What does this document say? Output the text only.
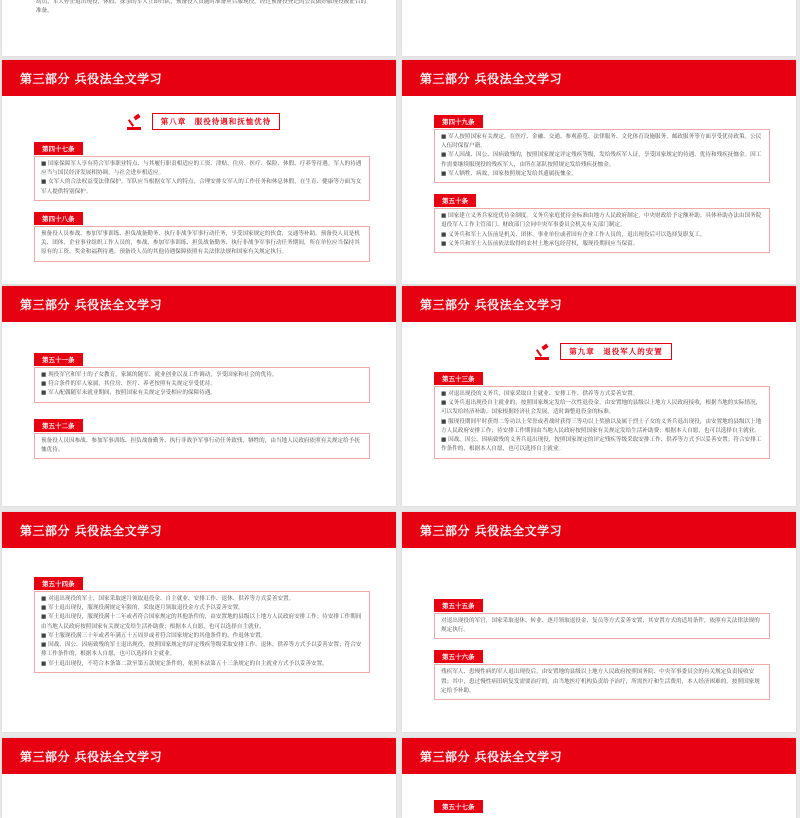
动员，军人停止退出现役，休假、探亲的军人立即归队，预备役人员随时准备应召服现役，经过预备役登记的公民做好服现役被征召的准备。

第三部分 兵役法全文学习
第八章　服役待遇和抚恤优待
第四十七条

■ 国家保障军人享有符合军事职业特点、与其履行职责相适应的工资、津贴、住房、医疗、保险、休假、疗养等待遇。军人的待遇应当与国民经济发展相协调，与社会进步相适应。

■ 女军人的合法权益受法律保护。军队应当根据女军人的特点，合理安排女军人的工作任务和休息休假，在生育、健康等方面为女军人提供特别保护。

第四十八条

预备役人员参战、参加军事训练、担负战备勤务、执行非战争军事行动任务，享受国家规定的伙食、交通等补助。预备役人员是机关、团体、企业事业组织工作人员的，参战、参加军事训练、担负战备勤务、执行非战争军事行动任务期间，所在单位应当保持其原有的工资、奖金和福利待遇。预备役人员的其他待遇保障依照有关法律法规和国家有关规定执行。

第三部分 兵役法全文学习
第四十九条

■ 军人按照国家有关规定，在医疗、金融、交通、参观游览、法律服务、文化体育设施服务、邮政服务等方面享受优待政策。公民入伍时保留户籍。

■ 军人因战、因公、因病致残的，按照国家规定评定残疾等级，发给残疾军人证，享受国家规定的待遇、优待和残疾抚恤金。因工作需要继续服现役的残疾军人，由所在部队按照规定发给残疾抚恤金。

■ 军人牺牲、病故，国家按照规定发给其遗属抚恤金。

第五十条

■ 国家建立义务兵家庭优待金制度。义务兵家庭优待金标准由地方人民政府制定，中央财政给予定额补助。具体补助办法由国务院退役军人工作主管部门、财政部门会同中央军事委员会机关有关部门制定。

■ 义务兵和军士入伍前是机关、团体、事业单位或者国有企业工作人员的，退出现役后可以选择复职复工。

■ 义务兵和军士入伍前依法取得的农村土地承包经营权，服现役期间应当保留。

第三部分 兵役法全文学习
第五十一条

■ 现役军官和军士的子女教育，家属的随军、就业创业以及工作调动，享受国家和社会的优待。

■ 符合条件的军人家属，其住房、医疗、养老按照有关规定享受优待。

■ 军人配偶随军未就业期间，按照国家有关规定享受相应的保障待遇。

第五十二条

预备役人员因参战、参加军事训练、担负战备勤务、执行非战争军事行动任务致残、牺牲的，由当地人民政府依照有关规定给予抚恤优待。

第三部分 兵役法全文学习
第九章　退役军人的安置
第五十三条

■ 对退出现役的义务兵，国家采取自主就业、安排工作、供养等方式妥善安置。

■ 义务兵退出现役自主就业的，按照国家规定发给一次性退役金，由安置地的县级以上地方人民政府接收，根据当地的实际情况，可以发给经济补助。国家根据经济社会发展，适时调整退役金的标准。

■ 服现役期间平时获得二等功以上荣誉或者战时获得三等功以上奖励以及属于烈士子女的义务兵退出现役，由安置地的县级以上地方人民政府安排工作；待安排工作期间由当地人民政府按照国家有关规定发给生活补助费；根据本人自愿，也可以选择自主就业。

■ 因战、因公、因病致残的义务兵退出现役，按照国家规定的评定残疾等级采取安排工作、供养等方式予以妥善安置；符合安排工作条件的，根据本人自愿，也可以选择自主就业。

第三部分 兵役法全文学习
第五十四条

■ 对退出现役的军士，国家采取逐月领取退役金、自主就业、安排工作、退休、供养等方式妥善安置。

■ 军士退出现役，服现役满规定年限的，采取逐月领取退役金方式予以妥善安置。

■ 军士退出现役，服现役满十二年或者符合国家规定的其他条件的，由安置地的县级以上地方人民政府安排工作；待安排工作期间由当地人民政府按照国家有关规定发给生活补助费；根据本人自愿，也可以选择自主就业。

■ 军士服现役满三十年或者年满五十五周岁或者符合国家规定的其他条件的，作退休安置。

■ 因战、因公、因病致残的军士退出现役，按照国家规定的评定残疾等级采取安排工作、退休、供养等方式予以妥善安置；符合安排工作条件的，根据本人自愿，也可以选择自主就业。

■ 军士退出现役，不符合本条第二款至第五款规定条件的，依照本法第五十三条规定的自主就业方式予以妥善安置。

第三部分 兵役法全文学习
第五十五条

对退出现役的军官，国家采取退休、转业、逐月领取退役金、复员等方式妥善安置；其安置方式的适用条件，依照有关法律法规的规定执行。

第五十六条

残疾军人、患慢性病的军人退出现役后，由安置地的县级以上地方人民政府按照国务院、中央军事委员会的有关规定负责接收安置；其中，患过慢性病旧病复发需要治疗的，由当地医疗机构负责给予治疗，所需医疗和生活费用，本人经济困难的，按照国家规定给予补助。

第三部分 兵役法全文学习	第三部分 兵役法全文学习
第五十七条
